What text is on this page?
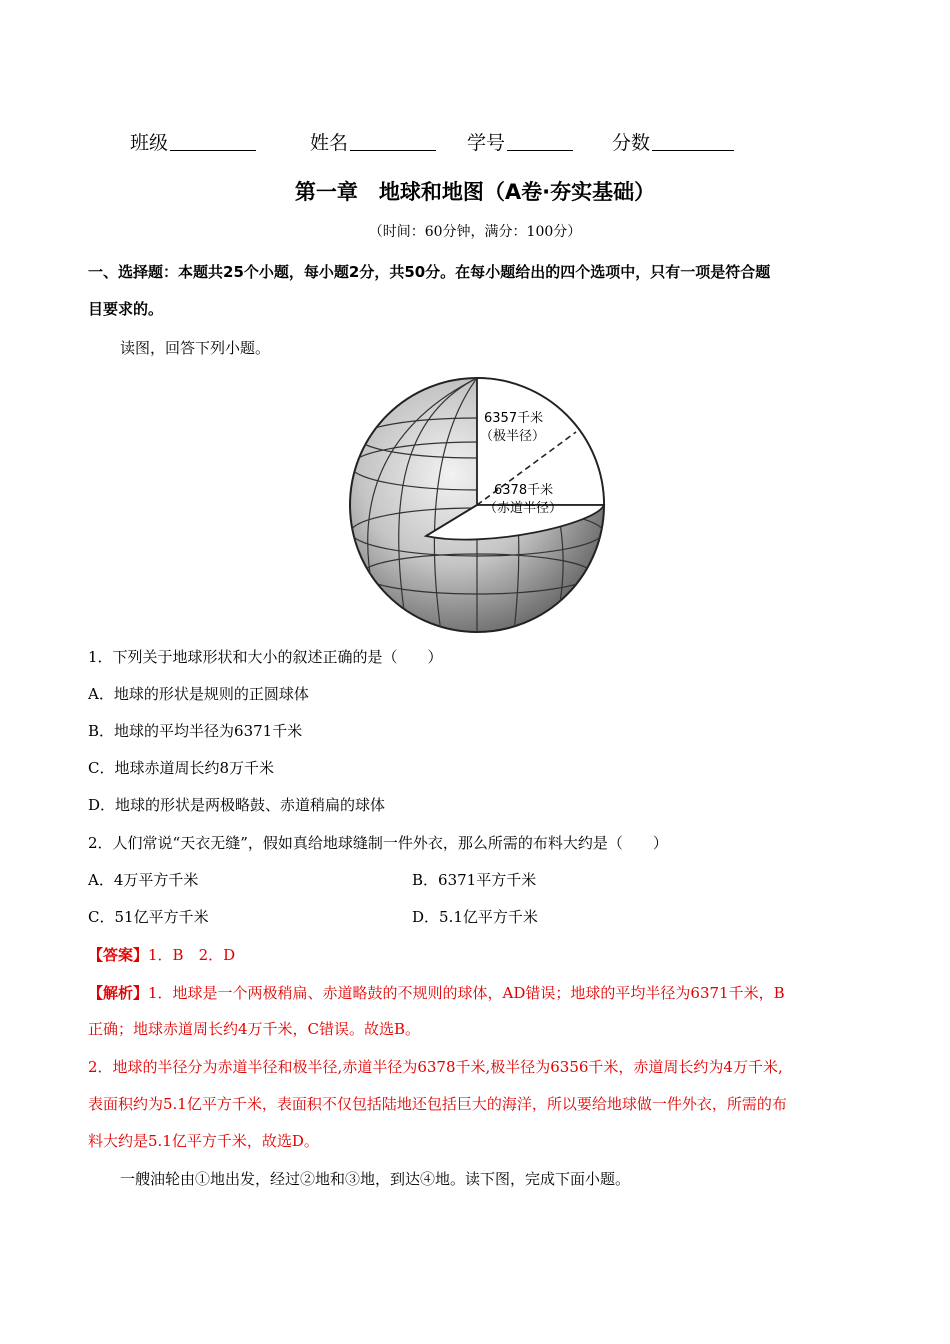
班级	姓名	学号	分数
第一章　地球和地图（A卷·夯实基础）
（时间：60分钟，满分：100分）
一、选择题：本题共25个小题，每小题2分，共50分。在每小题给出的四个选项中，只有一项是符合题
目要求的。
读图，回答下列小题。
6357千米
（极半径）
6378千米
（赤道半径）
1．下列关于地球形状和大小的叙述正确的是（　　）
A．地球的形状是规则的正圆球体
B．地球的平均半径为6371千米
C．地球赤道周长约8万千米
D．地球的形状是两极略鼓、赤道稍扁的球体
2．人们常说“天衣无缝”，假如真给地球缝制一件外衣，那么所需的布料大约是（　　）
A．4万平方千米	B．6371平方千米
C．51亿平方千米	D．5.1亿平方千米
【答案】1．B　2．D
【解析】1．地球是一个两极稍扁、赤道略鼓的不规则的球体，AD错误；地球的平均半径为6371千米，B
正确；地球赤道周长约4万千米，C错误。故选B。
2．地球的半径分为赤道半径和极半径,赤道半径为6378千米,极半径为6356千米，赤道周长约为4万千米,
表面积约为5.1亿平方千米，表面积不仅包括陆地还包括巨大的海洋，所以要给地球做一件外衣，所需的布
料大约是5.1亿平方千米，故选D。
一艘油轮由①地出发，经过②地和③地，到达④地。读下图，完成下面小题。
